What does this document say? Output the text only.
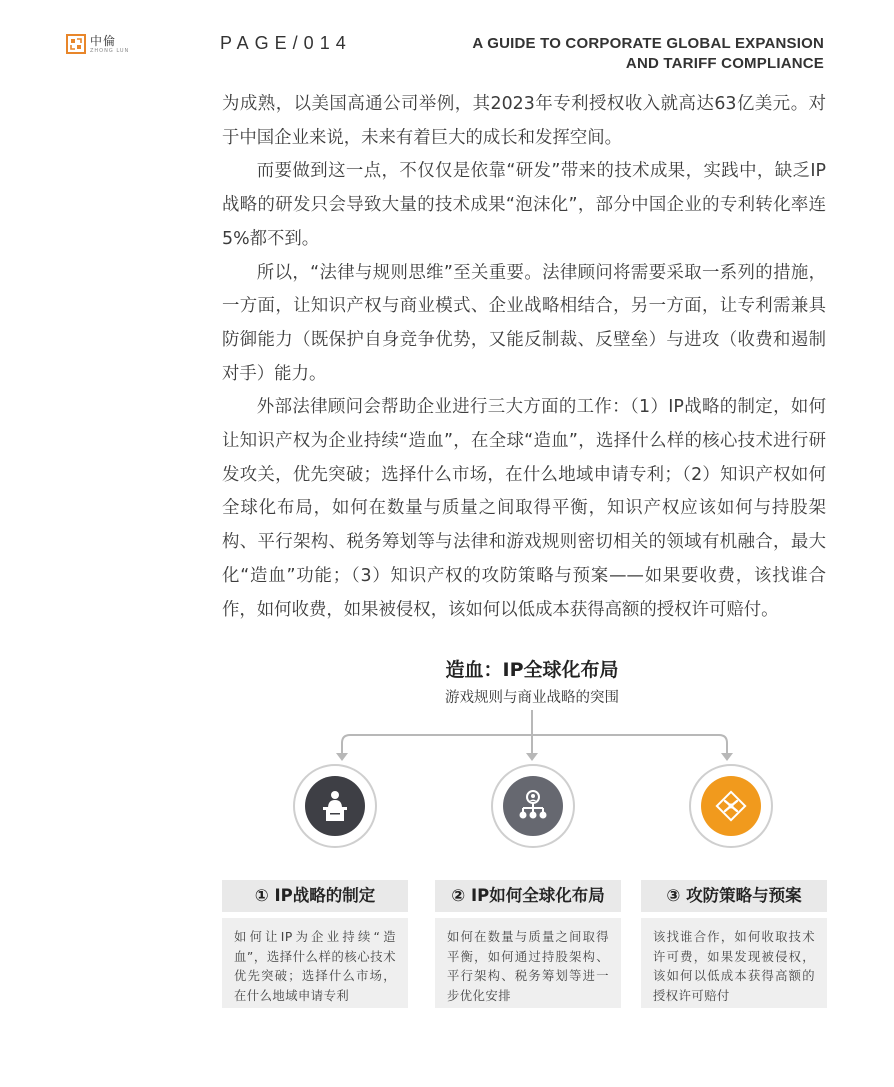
中倫
ZHONG LUN	PAGE/014	A GUIDE TO CORPORATE GLOBAL EXPANSION
AND TARIFF COMPLIANCE

为成熟，以美国高通公司举例，其2023年专利授权收入就高达63亿美元。对于中国企业来说，未来有着巨大的成长和发挥空间。

而要做到这一点，不仅仅是依靠“研发”带来的技术成果，实践中，缺乏IP战略的研发只会导致大量的技术成果“泡沫化”，部分中国企业的专利转化率连5%都不到。

所以，“法律与规则思维”至关重要。法律顾问将需要采取一系列的措施，一方面，让知识产权与商业模式、企业战略相结合，另一方面，让专利需兼具防御能力（既保护自身竞争优势，又能反制裁、反壁垒）与进攻（收费和遏制对手）能力。

外部法律顾问会帮助企业进行三大方面的工作：（1）IP战略的制定，如何让知识产权为企业持续“造血”，在全球“造血”，选择什么样的核心技术进行研发攻关，优先突破；选择什么市场，在什么地域申请专利；（2）知识产权如何全球化布局，如何在数量与质量之间取得平衡，知识产权应该如何与持股架构、平行架构、税务筹划等与法律和游戏规则密切相关的领域有机融合，最大化“造血”功能；（3）知识产权的攻防策略与预案——如果要收费，该找谁合作，如何收费，如果被侵权，该如何以低成本获得高额的授权许可赔付。

造血：IP全球化布局
游戏规则与商业战略的突围
① IP战略的制定
如何让IP为企业持续“造血”，选择什么样的核心技术优先突破；选择什么市场，在什么地域申请专利
② IP如何全球化布局
如何在数量与质量之间取得平衡，如何通过持股架构、平行架构、税务筹划等进一步优化安排
③ 攻防策略与预案
该找谁合作，如何收取技术许可费，如果发现被侵权，该如何以低成本获得高额的授权许可赔付
